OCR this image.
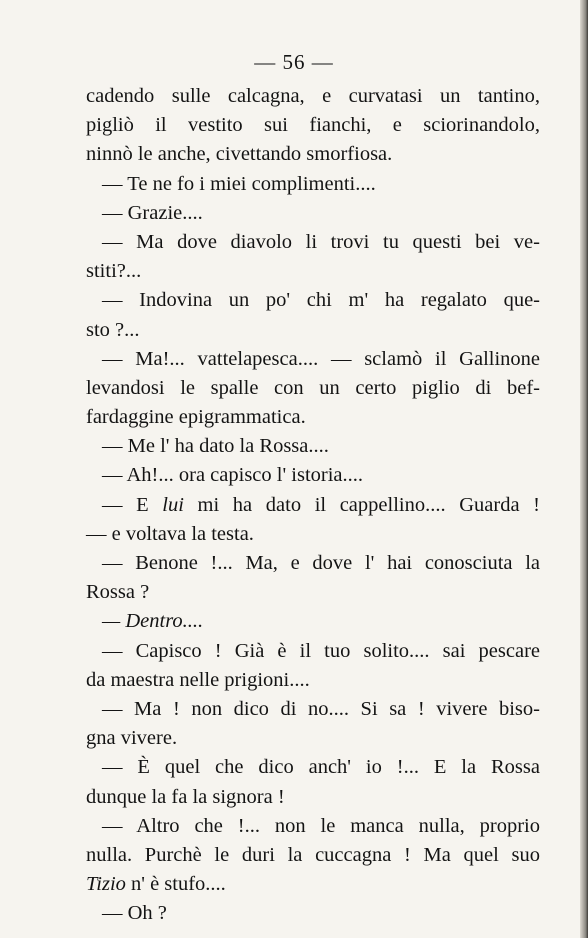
— 56 —
cadendo sulle calcagna, e curvatasi un tantino,
pigliò il vestito sui fianchi, e sciorinandolo,
ninnò le anche, civettando smorfiosa.
— Te ne fo i miei complimenti....
— Grazie....
— Ma dove diavolo li trovi tu questi bei ve-
stiti?...
— Indovina un po' chi m' ha regalato que-
sto ?...
— Ma!... vattelapesca.... — sclamò il Gallinone
levandosi le spalle con un certo piglio di bef-
fardaggine epigrammatica.
— Me l' ha dato la Rossa....
— Ah!... ora capisco l' istoria....
— E lui mi ha dato il cappellino.... Guarda !
— e voltava la testa.
— Benone !... Ma, e dove l' hai conosciuta la
Rossa ?
— Dentro....
— Capisco ! Già è il tuo solito.... sai pescare
da maestra nelle prigioni....
— Ma ! non dico di no.... Si sa ! vivere biso-
gna vivere.
— È quel che dico anch' io !... E la Rossa
dunque la fa la signora !
— Altro che !... non le manca nulla, proprio
nulla. Purchè le duri la cuccagna ! Ma quel suo
Tizio n' è stufo....
— Oh ?
